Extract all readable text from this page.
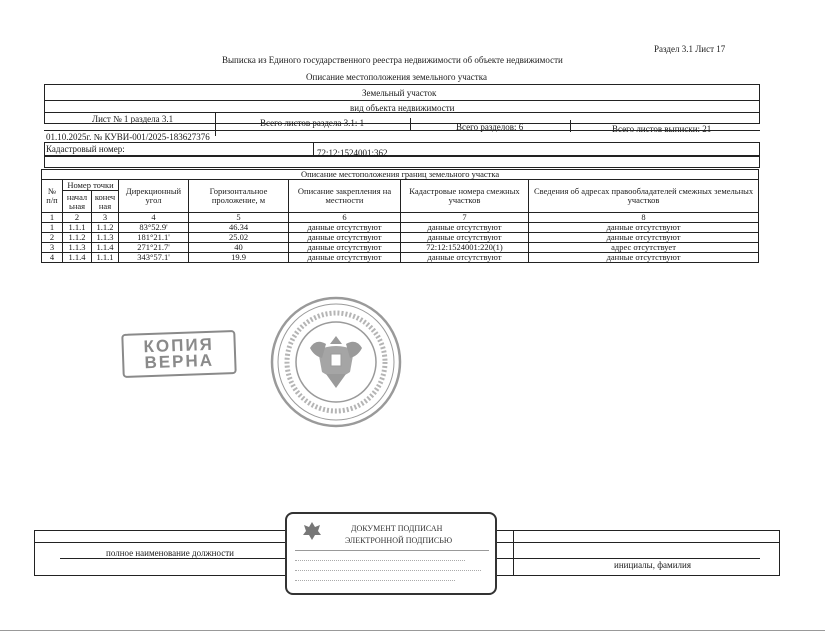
Раздел 3.1 Лист 17
Выписка из Единого государственного реестра недвижимости об объекте недвижимости
Описание местоположения земельного участка
Земельный участок
вид объекта недвижимости
Лист № 1 раздела 3.1	Всего листов раздела 3.1: 1	Всего разделов: 6	Всего листов выписки: 21
01.10.2025г. № КУВИ-001/2025-183627376
Кадастровый номер:	72:12:1524001:362
Описание местоположения границ земельного участка							
№ п/п	Номер точки		Дирекционный угол	Горизонтальное проложение, м	Описание закрепления на местности	Кадастровые номера смежных участков	Сведения об адресах правообладателей смежных земельных участков
	начальная	конечная					
1	2	3	4	5	6	7	8
1	1.1.1	1.1.2	83°52.9'	46.34	данные отсутствуют	данные отсутствуют	данные отсутствуют
2	1.1.2	1.1.3	181°21.1'	25.02	данные отсутствуют	данные отсутствуют	данные отсутствуют
3	1.1.3	1.1.4	271°21.7'	40	данные отсутствуют	72:12:1524001:220(1)	адрес отсутствует
4	1.1.4	1.1.1	343°57.1'	19.9	данные отсутствуют	данные отсутствуют	данные отсутствуют
КОПИЯ
ВЕРНА
полное наименование должности
инициалы, фамилия
ДОКУМЕНТ ПОДПИСАН
ЭЛЕКТРОННОЙ ПОДПИСЬЮ
